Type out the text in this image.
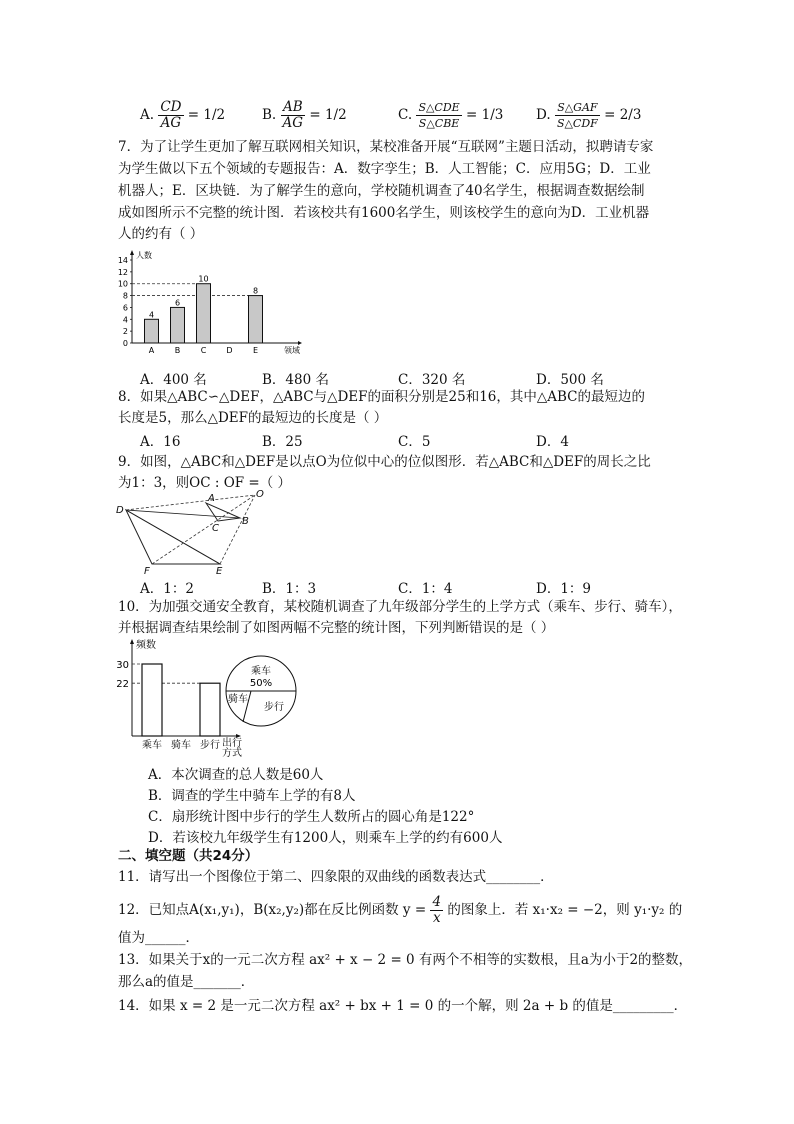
A. $\frac{CD}{AG} = 1/2$	B. $\frac{AB}{AG} = 1/2$	C. $\frac{\text{S△CDE}}{\text{S△CBE}} = 1/3$ D. $\frac{\text{S△GAF}}{\text{S△CDF}} = 2/3$
7．为了让学生更加了解互联网相关知识，某校准备开展“互联网”主题日活动，拟聘请专家
为学生做以下五个领域的专题报告：A．数字孪生；B．人工智能；C．应用5G；D．工业
机器人；E．区块链．为了解学生的意向，学校随机调查了40名学生，根据调查数据绘制
成如图所示不完整的统计图．若该校共有1600名学生，则该校学生的意向为D．工业机器
人的约有（ ）
人数
领域
0
2
4
6
8
10
12
14
A
4
B
6
C
10
D	E
8
A．400 名	B．480 名	C．320 名	D．500 名
8．如果△ABC∽△DEF，△ABC与△DEF的面积分别是25和16，其中△ABC的最短边的
长度是5，那么△DEF的最短边的长度是（ ）
A．16	B．25	C．5	D．4
9．如图，△ABC和△DEF是以点O为位似中心的位似图形．若△ABC和△DEF的周长之比
为1：3，则OC : OF =（ ）
O
A
B
C
D
E
F
A．1：2	B．1：3	C．1：4	D．1：9
10．为加强交通安全教育，某校随机调查了九年级部分学生的上学方式（乘车、步行、骑车），
并根据调查结果绘制了如图两幅不完整的统计图，下列判断错误的是（ ）
频数
出行
方式
22
30
乘车 骑车 步行
乘车
50%
骑车
步行
A．本次调查的总人数是60人
B．调查的学生中骑车上学的有8人
C．扇形统计图中步行的学生人数所占的圆心角是122°
D．若该校九年级学生有1200人，则乘车上学的约有600人
二、填空题（共24分）
11．请写出一个图像位于第二、四象限的双曲线的函数表达式________．
12．已知点A(x₁,y₁)，B(x₂,y₂)都在反比例函数 $y = \frac{4}{x}$ 的图象上．若 x₁·x₂ = −2，则 y₁·y₂ 的
值为______．
13．如果关于x的一元二次方程 ax² + x − 2 = 0 有两个不相等的实数根，且a为小于2的整数，
那么a的值是_______．
14．如果 x = 2 是一元二次方程 ax² + bx + 1 = 0 的一个解，则 2a + b 的值是_________．
